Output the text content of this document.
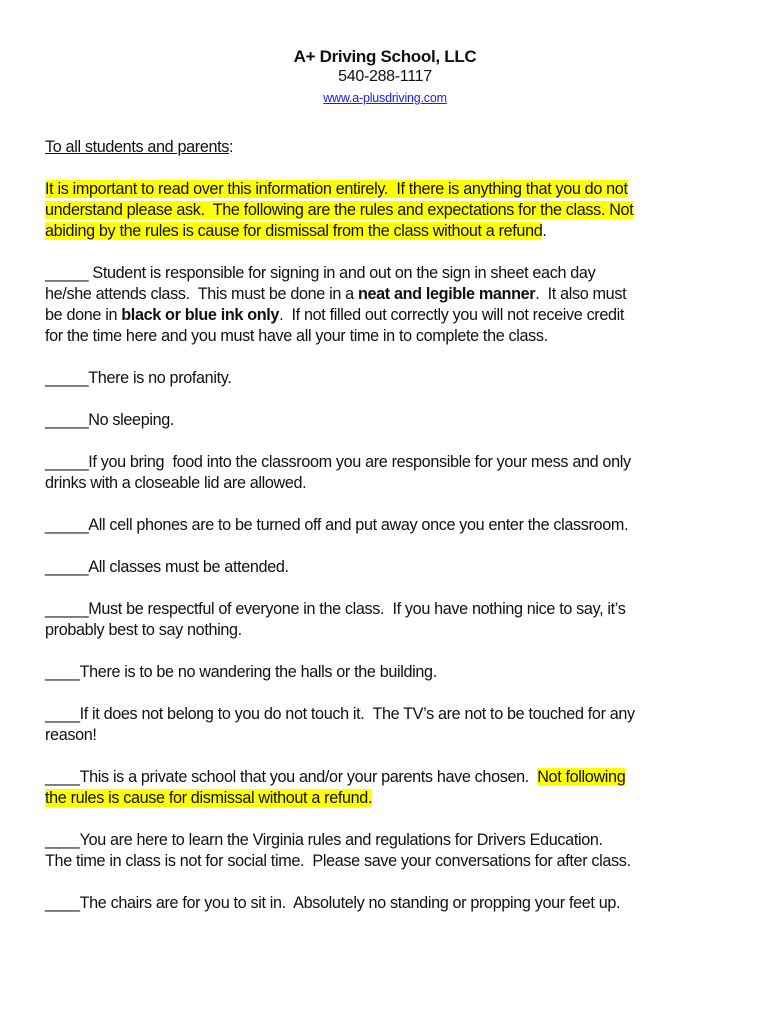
A+ Driving School, LLC
540-288-1117
www.a-plusdriving.com

To all students and parents:

It is important to read over this information entirely.  If there is anything that you do not
understand please ask.  The following are the rules and expectations for the class. Not
abiding by the rules is cause for dismissal from the class without a refund.

_____ Student is responsible for signing in and out on the sign in sheet each day
he/she attends class.  This must be done in a neat and legible manner.  It also must
be done in black or blue ink only.  If not filled out correctly you will not receive credit
for the time here and you must have all your time in to complete the class.

_____There is no profanity.

_____No sleeping.

_____If you bring  food into the classroom you are responsible for your mess and only
drinks with a closeable lid are allowed.

_____All cell phones are to be turned off and put away once you enter the classroom.

_____All classes must be attended.

_____Must be respectful of everyone in the class.  If you have nothing nice to say, it’s
probably best to say nothing.

____There is to be no wandering the halls or the building.

____If it does not belong to you do not touch it.  The TV’s are not to be touched for any
reason!

____This is a private school that you and/or your parents have chosen.  Not following
the rules is cause for dismissal without a refund.

____You are here to learn the Virginia rules and regulations for Drivers Education.
The time in class is not for social time.  Please save your conversations for after class.

____The chairs are for you to sit in.  Absolutely no standing or propping your feet up.
